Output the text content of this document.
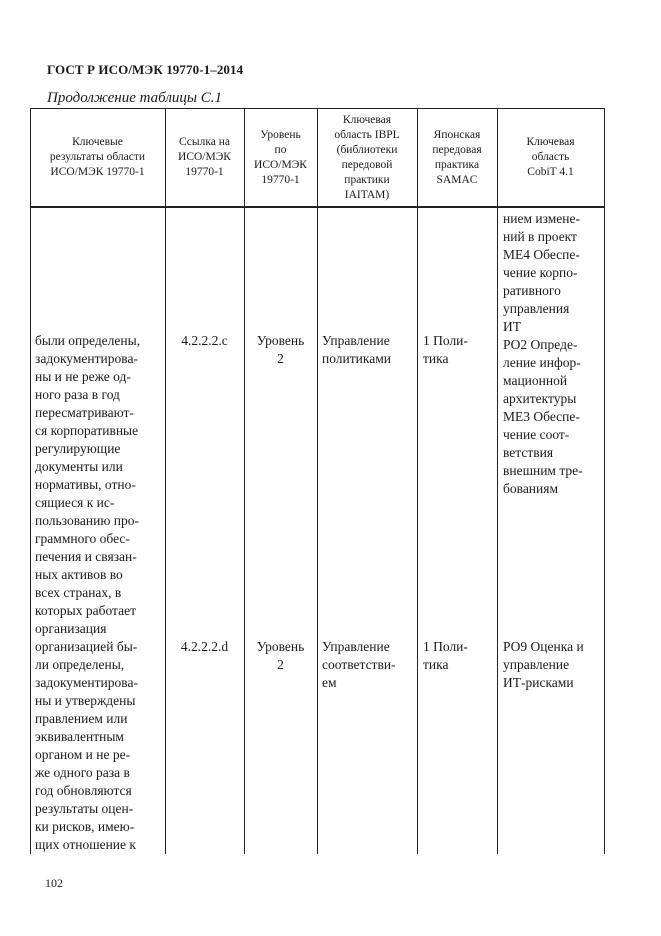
ГОСТ Р ИСО/МЭК 19770-1–2014
Продолжение таблицы С.1
Ключевые
результаты области
ИСО/МЭК 19770-1
Ссылка на
ИСО/МЭК
19770-1
Уровень
по
ИСО/МЭК
19770-1
Ключевая
область IBPL
(библиотеки
передовой
практики
IAITAM)
Японская
передовая
практика
SAMAC
Ключевая
область
CobiT 4.1
нием измене-
ний в проект
МЕ4 Обеспе-
чение корпо-
ративного
управления
ИТ
были определены,
задокументирова-
ны и не реже од-
ного раза в год
пересматривают-
ся корпоративные
регулирующие
документы или
нормативы, отно-
сящиеся к ис-
пользованию про-
граммного обес-
печения и связан-
ных активов во
всех странах, в
которых работает
организация
4.2.2.2.c	Уровень
2
Управление
политиками
1 Поли-
тика
РО2 Опреде-
ление инфор-
мационной
архитектуры
МЕ3 Обеспе-
чение соот-
ветствия
внешним тре-
бованиям
организацией бы-
ли определены,
задокументирова-
ны и утверждены
правлением или
эквивалентным
органом и не ре-
же одного раза в
год обновляются
результаты оцен-
ки рисков, имею-
щих отношение к
4.2.2.2.d	Уровень
2
Управление
соответстви-
ем
1 Поли-
тика
РО9 Оценка и
управление
ИТ-рисками
102
